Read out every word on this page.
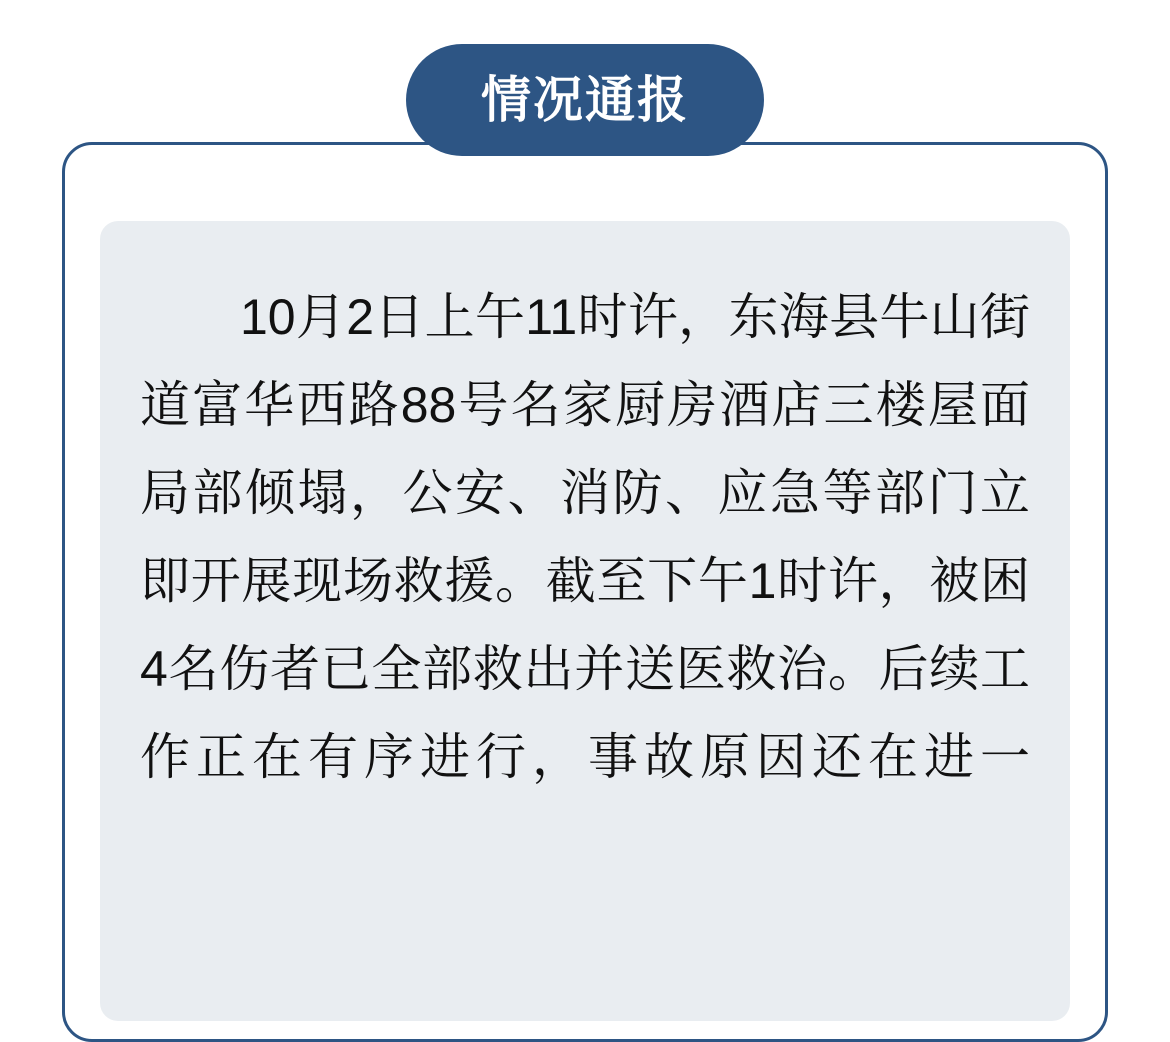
情况通报
10月2日上午11时许，东海县牛山街道富华西路88号名家厨房酒店三楼屋面局部倾塌，公安、消防、应急等部门立即开展现场救援。截至下午1时许，被困4名伤者已全部救出并送医救治。后续工作正在有序进行，事故原因还在进一
